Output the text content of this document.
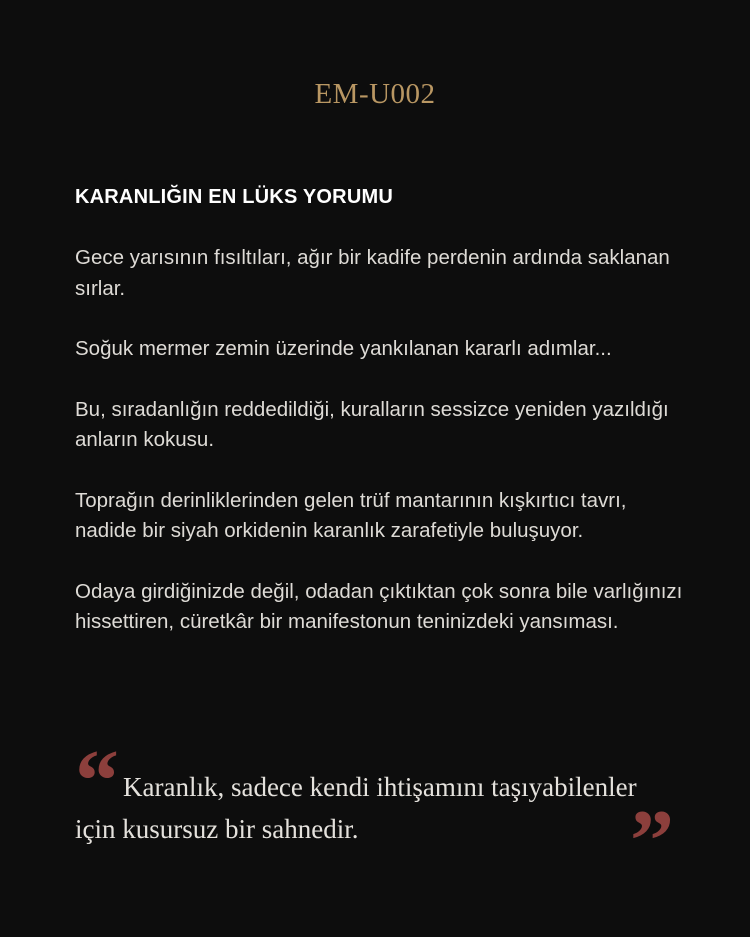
EM-U002
KARANLIĞIN EN LÜKS YORUMU

Gece yarısının fısıltıları, ağır bir kadife perdenin ardında saklanan sırlar.

Soğuk mermer zemin üzerinde yankılanan kararlı adımlar...

Bu, sıradanlığın reddedildiği, kuralların sessizce yeniden yazıldığı anların kokusu.

Toprağın derinliklerinden gelen trüf mantarının kışkırtıcı tavrı, nadide bir siyah orkidenin karanlık zarafetiyle buluşuyor.

Odaya girdiğinizde değil, odadan çıktıktan çok sonra bile varlığınızı hissettiren, cüretkâr bir manifestonun teninizdeki yansıması.

“ Karanlık, sadece kendi ihtişamını taşıyabilenler için kusursuz bir sahnedir.	”
